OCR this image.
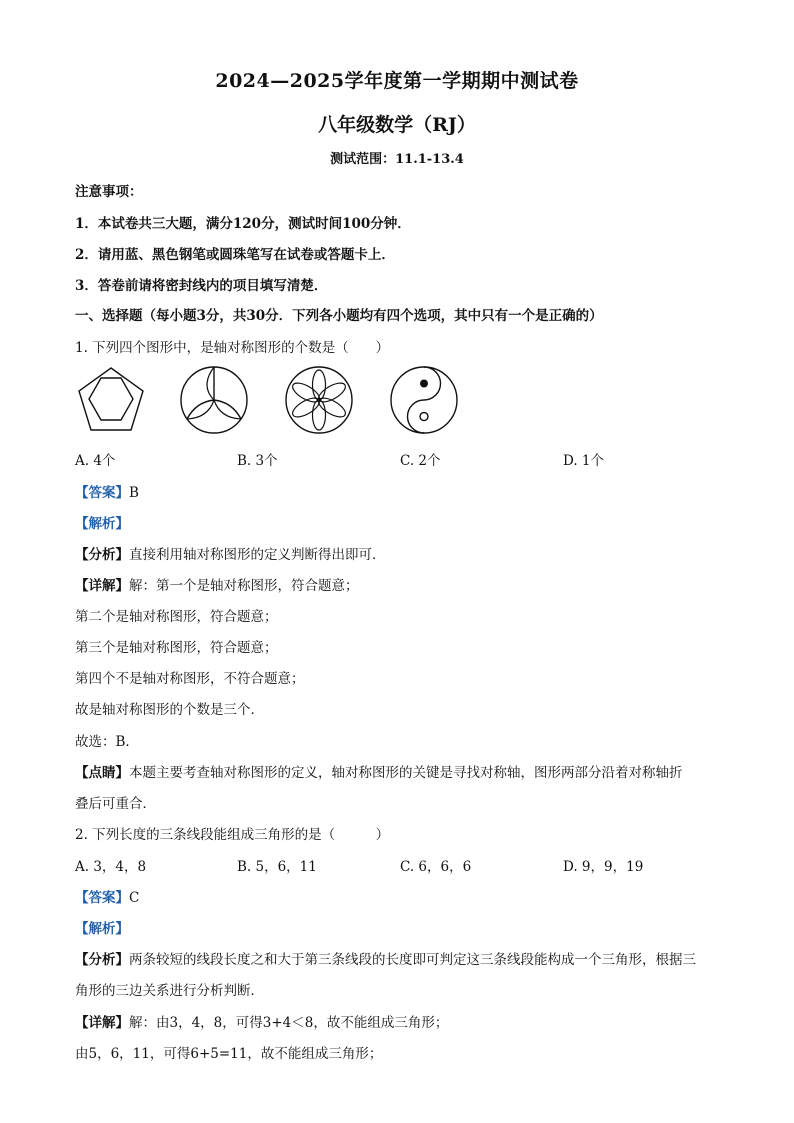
2024—2025学年度第一学期期中测试卷
八年级数学（RJ）
测试范围：11.1-13.4
注意事项：
1．本试卷共三大题，满分120分，测试时间100分钟．
2．请用蓝、黑色钢笔或圆珠笔写在试卷或答题卡上．
3．答卷前请将密封线内的项目填写清楚．
一、选择题（每小题3分，共30分．下列各小题均有四个选项，其中只有一个是正确的）
1. 下列四个图形中，是轴对称图形的个数是（　　）
A. 4个	B. 3个	C. 2个	D. 1个
【答案】B
【解析】
【分析】直接利用轴对称图形的定义判断得出即可．
【详解】解：第一个是轴对称图形，符合题意；
第二个是轴对称图形，符合题意；
第三个是轴对称图形，符合题意；
第四个不是轴对称图形，不符合题意；
故是轴对称图形的个数是三个．
故选：B．
【点睛】本题主要考查轴对称图形的定义，轴对称图形的关键是寻找对称轴，图形两部分沿着对称轴折
叠后可重合．
2. 下列长度的三条线段能组成三角形的是（　　　）
A. 3，4，8	B. 5，6，11	C. 6，6，6	D. 9，9，19
【答案】C
【解析】
【分析】两条较短的线段长度之和大于第三条线段的长度即可判定这三条线段能构成一个三角形，根据三
角形的三边关系进行分析判断．
【详解】解：由3，4，8，可得3+4＜8，故不能组成三角形；
由5，6，11，可得6+5=11，故不能组成三角形；
